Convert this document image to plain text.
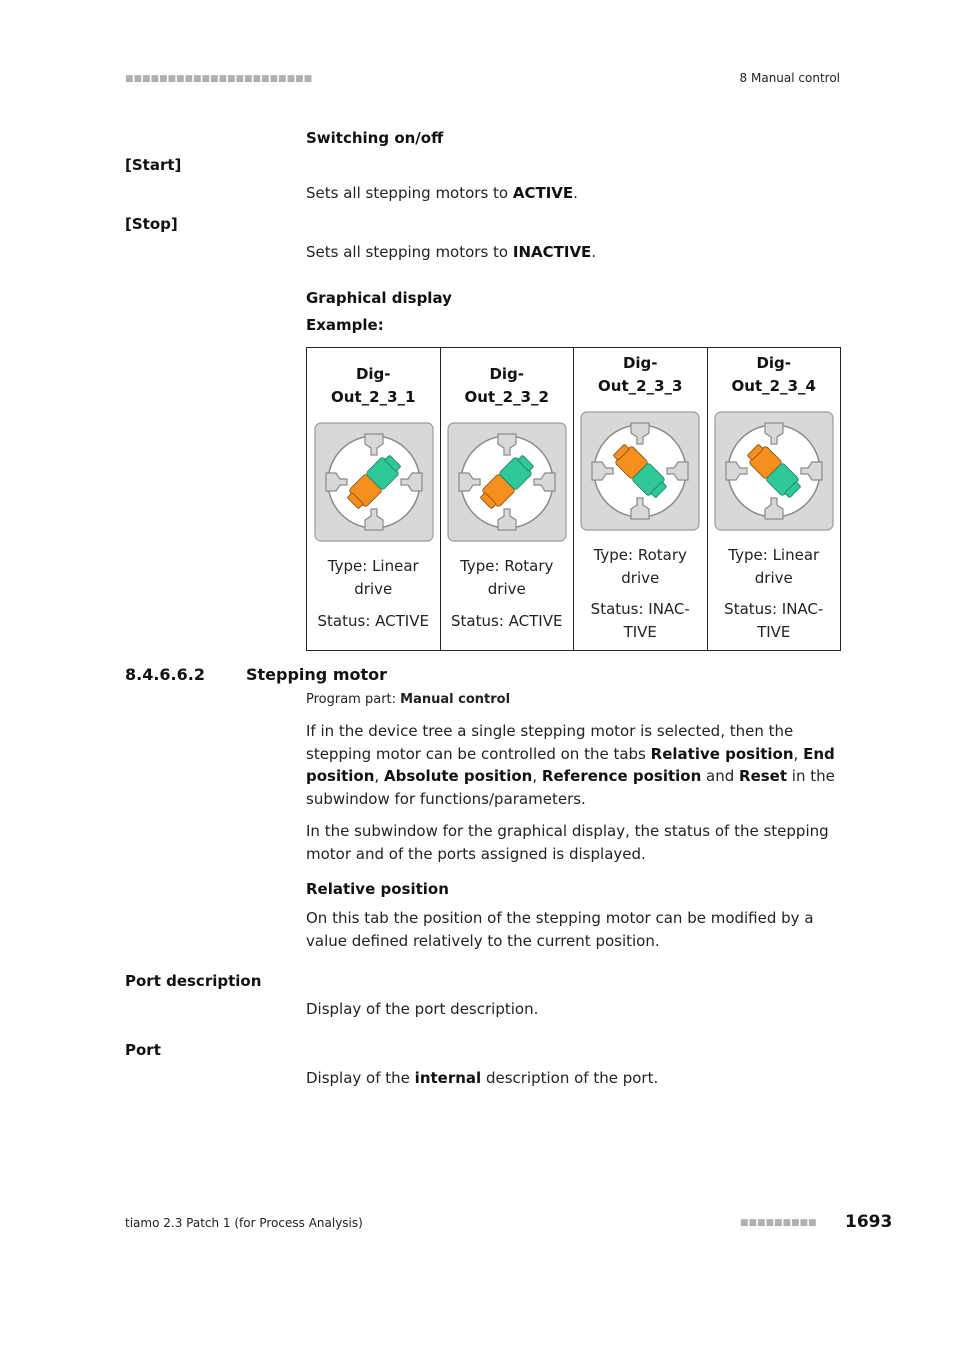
■■■■■■■■■■■■■■■■■■■■■■	8 Manual control
Switching on/off
[Start]
Sets all stepping motors to ACTIVE.
[Stop]
Sets all stepping motors to INACTIVE.
Graphical display
Example:
Dig-
Out_2_3_1
Type: Linear
drive
Status: ACTIVE

Dig-
Out_2_3_2
Type: Rotary
drive
Status: ACTIVE

Dig-
Out_2_3_3
Type: Rotary
drive
Status: INAC-
TIVE

Dig-
Out_2_3_4
Type: Linear
drive
Status: INAC-
TIVE
8.4.6.6.2	Stepping motor
Program part: Manual control
If in the device tree a single stepping motor is selected, then the stepping motor can be controlled on the tabs Relative position, End position, Absolute position, Reference position and Reset in the subwindow for functions/parameters.
In the subwindow for the graphical display, the status of the stepping motor and of the ports assigned is displayed.
Relative position
On this tab the position of the stepping motor can be modified by a value defined relatively to the current position.
Port description
Display of the port description.
Port
Display of the internal description of the port.
tiamo 2.3 Patch 1 (for Process Analysis)	■■■■■■■■■ 1693
